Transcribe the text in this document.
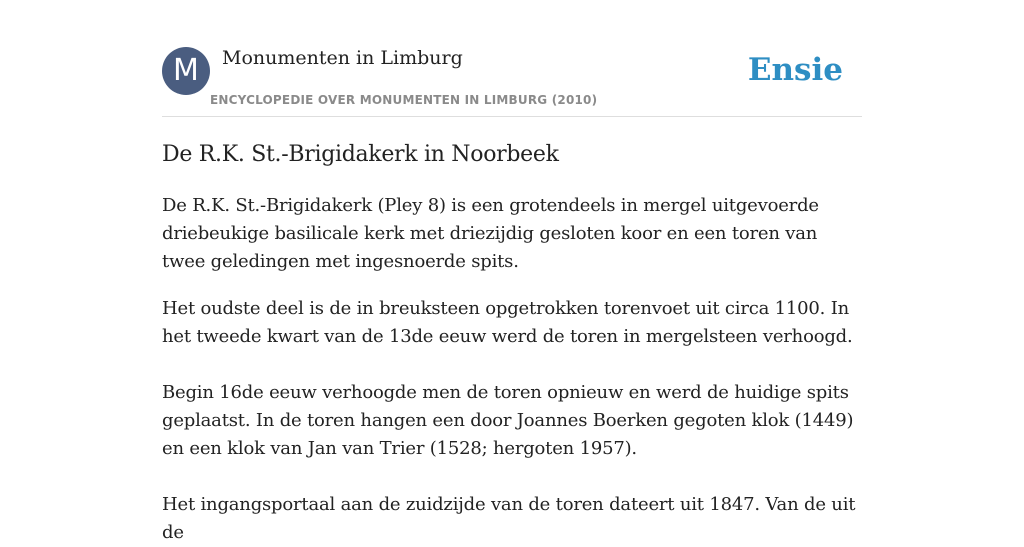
M	Monumenten in Limburg
ENCYCLOPEDIE OVER MONUMENTEN IN LIMBURG (2010)
Ensie
De R.K. St.-Brigidakerk in Noorbeek

De R.K. St.-Brigidakerk (Pley 8) is een grotendeels in mergel uitgevoerde driebeukige basilicale kerk met driezijdig gesloten koor en een toren van twee geledingen met ingesnoerde spits.

Het oudste deel is de in breuksteen opgetrokken torenvoet uit circa 1100. In het tweede kwart van de 13de eeuw werd de toren in mergelsteen verhoogd.

Begin 16de eeuw verhoogde men de toren opnieuw en werd de huidige spits geplaatst. In de toren hangen een door Joannes Boerken gegoten klok (1449) en een klok van Jan van Trier (1528; hergoten 1957).

Het ingangsportaal aan de zuidzijde van de toren dateert uit 1847. Van de uit de
